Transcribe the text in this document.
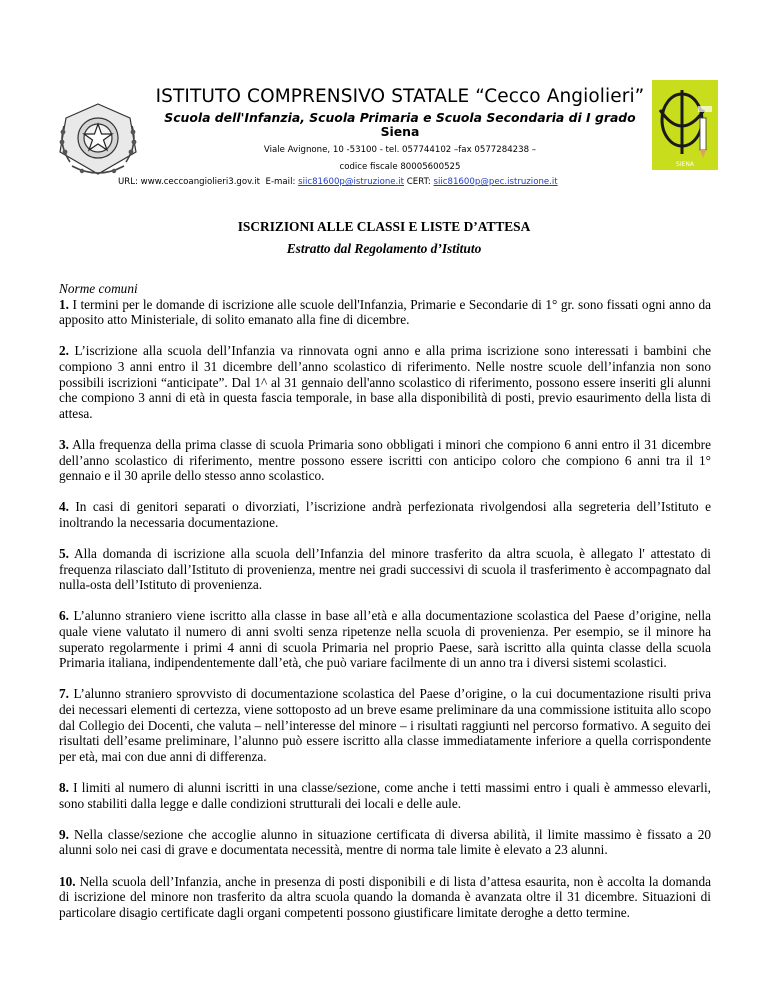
SIENA
ISTITUTO COMPRENSIVO STATALE “Cecco Angiolieri”
Scuola dell'Infanzia, Scuola Primaria e Scuola Secondaria di I grado
Siena
Viale Avignone, 10 -53100 - tel. 057744102 –fax 0577284238 –
codice fiscale 80005600525
URL: www.ceccoangiolieri3.gov.it E-mail: siic81600p@istruzione.it CERT: siic81600p@pec.istruzione.it
ISCRIZIONI ALLE CLASSI E LISTE D’ATTESA
Estratto dal Regolamento d’Istituto

Norme comuni

1. I termini per le domande di iscrizione alle scuole dell'Infanzia, Primarie e Secondarie di 1° gr. sono fissati ogni anno da apposito atto Ministeriale, di solito emanato alla fine di dicembre.

2. L’iscrizione alla scuola dell’Infanzia va rinnovata ogni anno e alla prima iscrizione sono interessati i bambini che compiono 3 anni entro il 31 dicembre dell’anno scolastico di riferimento. Nelle nostre scuole dell’infanzia non sono possibili iscrizioni “anticipate”. Dal 1^ al 31 gennaio dell'anno scolastico di riferimento, possono essere inseriti gli alunni che compiono 3 anni di età in questa fascia temporale, in base alla disponibilità di posti, previo esaurimento della lista di attesa.

3. Alla frequenza della prima classe di scuola Primaria sono obbligati i minori che compiono 6 anni entro il 31 dicembre dell’anno scolastico di riferimento, mentre possono essere iscritti con anticipo coloro che compiono 6 anni tra il 1° gennaio e il 30 aprile dello stesso anno scolastico.

4. In casi di genitori separati o divorziati, l’iscrizione andrà perfezionata rivolgendosi alla segreteria dell’Istituto e inoltrando la necessaria documentazione.

5. Alla domanda di iscrizione alla scuola dell’Infanzia del minore trasferito da altra scuola, è allegato l' attestato di frequenza rilasciato dall’Istituto di provenienza, mentre nei gradi successivi di scuola il trasferimento è accompagnato dal nulla-osta dell’Istituto di provenienza.

6. L’alunno straniero viene iscritto alla classe in base all’età e alla documentazione scolastica del Paese d’origine, nella quale viene valutato il numero di anni svolti senza ripetenze nella scuola di provenienza. Per esempio, se il minore ha superato regolarmente i primi 4 anni di scuola Primaria nel proprio Paese, sarà iscritto alla quinta classe della scuola Primaria italiana, indipendentemente dall’età, che può variare facilmente di un anno tra i diversi sistemi scolastici.

7. L’alunno straniero sprovvisto di documentazione scolastica del Paese d’origine, o la cui documentazione risulti priva dei necessari elementi di certezza, viene sottoposto ad un breve esame preliminare da una commissione istituita allo scopo dal Collegio dei Docenti, che valuta – nell’interesse del minore – i risultati raggiunti nel percorso formativo. A seguito dei risultati dell’esame preliminare, l’alunno può essere iscritto alla classe immediatamente inferiore a quella corrispondente per età, mai con due anni di differenza.

8. I limiti al numero di alunni iscritti in una classe/sezione, come anche i tetti massimi entro i quali è ammesso elevarli, sono stabiliti dalla legge e dalle condizioni strutturali dei locali e delle aule.

9. Nella classe/sezione che accoglie alunno in situazione certificata di diversa abilità, il limite massimo è fissato a 20 alunni solo nei casi di grave e documentata necessità, mentre di norma tale limite è elevato a 23 alunni.

10. Nella scuola dell’Infanzia, anche in presenza di posti disponibili e di lista d’attesa esaurita, non è accolta la domanda di iscrizione del minore non trasferito da altra scuola quando la domanda è avanzata oltre il 31 dicembre. Situazioni di particolare disagio certificate dagli organi competenti possono giustificare limitate deroghe a detto termine.
